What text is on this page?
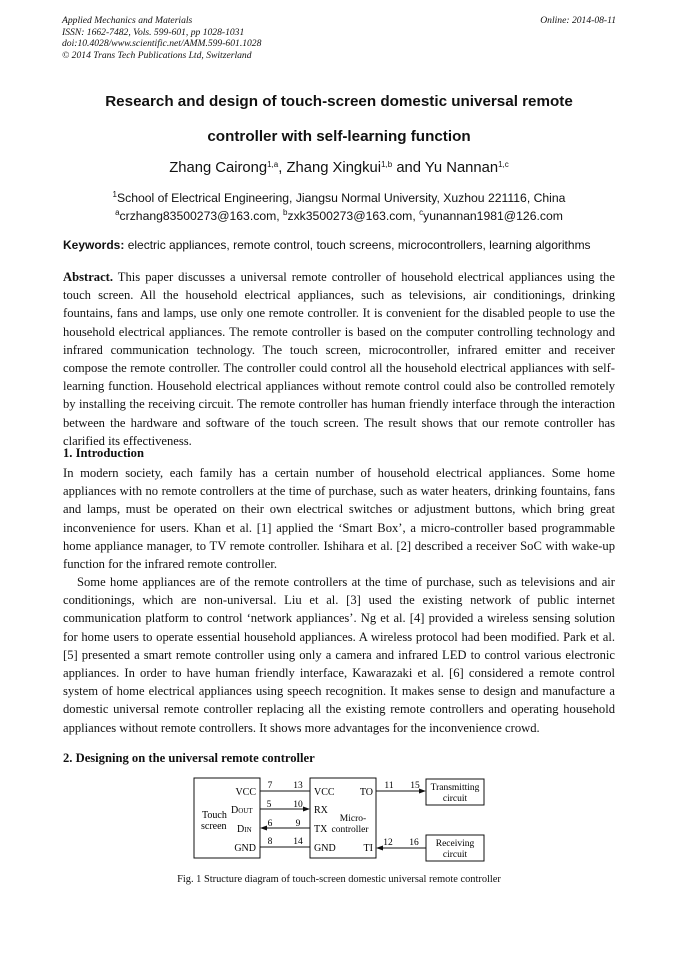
Applied Mechanics and Materials
ISSN: 1662-7482, Vols. 599-601, pp 1028-1031
doi:10.4028/www.scientific.net/AMM.599-601.1028
© 2014 Trans Tech Publications Ltd, Switzerland
Online: 2014-08-11
Research and design of touch-screen domestic universal remote
controller with self-learning function
Zhang Cairong$^{1,a}$, Zhang Xingkui$^{1,b}$ and Yu Nannan$^{1,c}$
$^1$School of Electrical Engineering, Jiangsu Normal University, Xuzhou 221116, China
$^a$crzhang83500273@163.com, $^b$zxk3500273@163.com, $^c$yunannan1981@126.com
Keywords: electric appliances, remote control, touch screens, microcontrollers, learning algorithms

Abstract. This paper discusses a universal remote controller of household electrical appliances using the touch screen. All the household electrical appliances, such as televisions, air conditionings, drinking fountains, fans and lamps, use only one remote controller. It is convenient for the disabled people to use the household electrical appliances. The remote controller is based on the computer controlling technology and infrared communication technology. The touch screen, microcontroller, infrared emitter and receiver compose the remote controller. The controller could control all the household electrical appliances with self-learning function. Household electrical appliances without remote control could also be controlled remotely by installing the receiving circuit. The remote controller has human friendly interface through the interaction between the hardware and software of the touch screen. The result shows that our remote controller has clarified its effectiveness.

1. Introduction

In modern society, each family has a certain number of household electrical appliances. Some home appliances with no remote controllers at the time of purchase, such as water heaters, drinking fountains, fans and lamps, must be operated on their own electrical switches or adjustment buttons, which bring great inconvenience for users. Khan et al. [1] applied the ‘Smart Box’, a micro-controller based programmable home appliance manager, to TV remote controller. Ishihara et al. [2] described a receiver SoC with wake-up function for the infrared remote controller.

Some home appliances are of the remote controllers at the time of purchase, such as televisions and air conditionings, which are non-universal. Liu et al. [3] used the existing network of public internet communication platform to control ‘network appliances’. Ng et al. [4] provided a wireless sensing solution for home users to operate essential household appliances. A wireless protocol had been modified. Park et al. [5] presented a smart remote controller using only a camera and infrared LED to control various electronic appliances. In order to have human friendly interface, Kawarazaki et al. [6] considered a remote control system of home electrical appliances using speech recognition. It makes sense to design and manufacture a domestic universal remote controller replacing all the existing remote controllers and operating household appliances without remote controllers. It shows more advantages for the inconvenience crowd.

2. Designing on the universal remote controller
Touch
screen
VCC
DOUT
DIN
GND
VCC
RX
TX
GND
TO
TI
Micro-
controller
7 13
5 10
6 9
8 14
11 15
12 16
Transmitting
circuit
Receiving
circuit
Fig. 1 Structure diagram of touch-screen domestic universal remote controller
